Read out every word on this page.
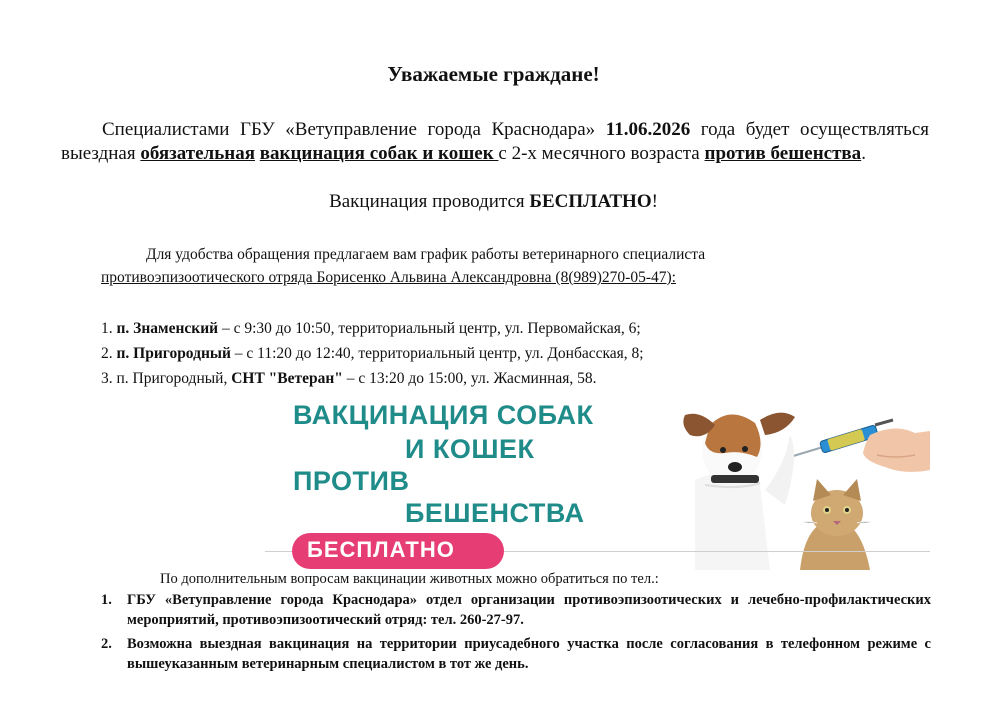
Уважаемые граждане!
Специалистами ГБУ «Ветуправление города Краснодара» 11.06.2026 года будет осуществляться выездная обязательная вакцинация собак и кошек с 2-х месячного возраста против бешенства.
Вакцинация проводится БЕСПЛАТНО!
Для удобства обращения предлагаем вам график работы ветеринарного специалиста
противоэпизоотического отряда Борисенко Альвина Александровна (8(989)270-05-47):
1. п. Знаменский – с 9:30 до 10:50, территориальный центр, ул. Первомайская, 6;
2. п. Пригородный – с 11:20 до 12:40, территориальный центр, ул. Донбасская, 8;
3. п. Пригородный, СНТ "Ветеран" – с 13:20 до 15:00, ул. Жасминная, 58.
ВАКЦИНАЦИЯ СОБАК
И КОШЕК
ПРОТИВ
БЕШЕНСТВА
БЕСПЛАТНО
По дополнительным вопросам вакцинации животных можно обратиться по тел.:
1.	ГБУ «Ветуправление города Краснодара» отдел организации противоэпизоотических и лечебно-профилактических мероприятий, противоэпизоотический отряд: тел. 260-27-97.
2.	Возможна выездная вакцинация на территории приусадебного участка после согласования в телефонном режиме с вышеуказанным ветеринарным специалистом в тот же день.
